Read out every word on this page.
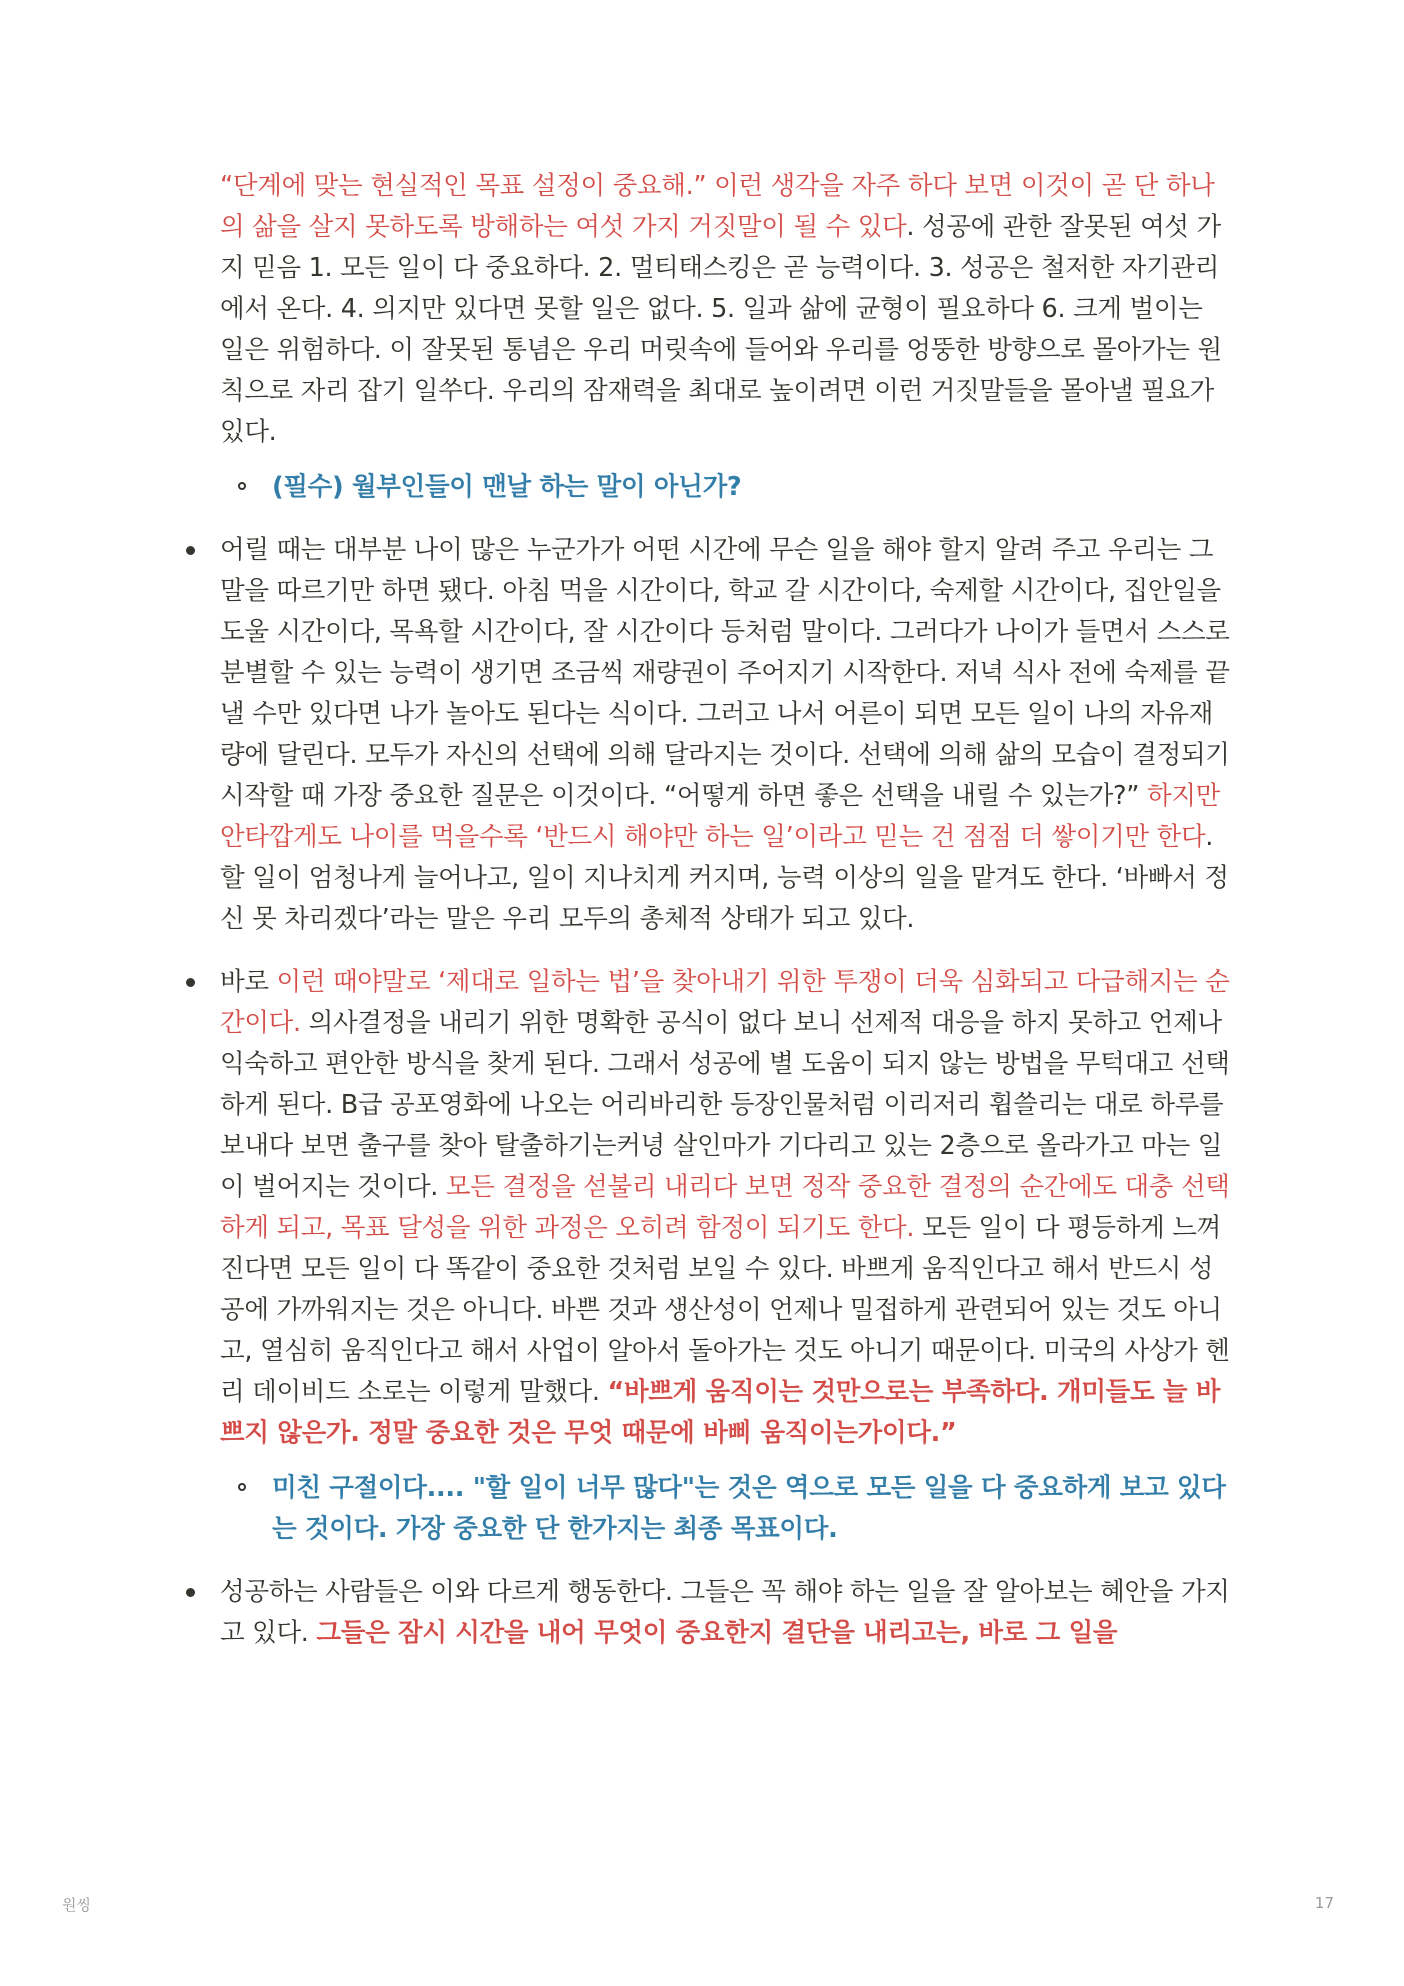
“단계에 맞는 현실적인 목표 설정이 중요해.” 이런 생각을 자주 하다 보면 이것이 곧 단 하나의 삶을 살지 못하도록 방해하는 여섯 가지 거짓말이 될 수 있다. 성공에 관한 잘못된 여섯 가지 믿음 1. 모든 일이 다 중요하다. 2. 멀티태스킹은 곧 능력이다. 3. 성공은 철저한 자기관리에서 온다. 4. 의지만 있다면 못할 일은 없다. 5. 일과 삶에 균형이 필요하다 6. 크게 벌이는 일은 위험하다. 이 잘못된 통념은 우리 머릿속에 들어와 우리를 엉뚱한 방향으로 몰아가는 원칙으로 자리 잡기 일쑤다. 우리의 잠재력을 최대로 높이려면 이런 거짓말들을 몰아낼 필요가 있다.

(필수) 월부인들이 맨날 하는 말이 아닌가?

어릴 때는 대부분 나이 많은 누군가가 어떤 시간에 무슨 일을 해야 할지 알려 주고 우리는 그 말을 따르기만 하면 됐다. 아침 먹을 시간이다, 학교 갈 시간이다, 숙제할 시간이다, 집안일을 도울 시간이다, 목욕할 시간이다, 잘 시간이다 등처럼 말이다. 그러다가 나이가 들면서 스스로 분별할 수 있는 능력이 생기면 조금씩 재량권이 주어지기 시작한다. 저녁 식사 전에 숙제를 끝낼 수만 있다면 나가 놀아도 된다는 식이다. 그러고 나서 어른이 되면 모든 일이 나의 자유재량에 달린다. 모두가 자신의 선택에 의해 달라지는 것이다. 선택에 의해 삶의 모습이 결정되기 시작할 때 가장 중요한 질문은 이것이다. “어떻게 하면 좋은 선택을 내릴 수 있는가?” 하지만 안타깝게도 나이를 먹을수록 ‘반드시 해야만 하는 일’이라고 믿는 건 점점 더 쌓이기만 한다. 할 일이 엄청나게 늘어나고, 일이 지나치게 커지며, 능력 이상의 일을 맡겨도 한다. ‘바빠서 정신 못 차리겠다’라는 말은 우리 모두의 총체적 상태가 되고 있다.

바로 이런 때야말로 ‘제대로 일하는 법’을 찾아내기 위한 투쟁이 더욱 심화되고 다급해지는 순간이다. 의사결정을 내리기 위한 명확한 공식이 없다 보니 선제적 대응을 하지 못하고 언제나 익숙하고 편안한 방식을 찾게 된다. 그래서 성공에 별 도움이 되지 않는 방법을 무턱대고 선택하게 된다. B급 공포영화에 나오는 어리바리한 등장인물처럼 이리저리 휩쓸리는 대로 하루를 보내다 보면 출구를 찾아 탈출하기는커녕 살인마가 기다리고 있는 2층으로 올라가고 마는 일이 벌어지는 것이다. 모든 결정을 섣불리 내리다 보면 정작 중요한 결정의 순간에도 대충 선택하게 되고, 목표 달성을 위한 과정은 오히려 함정이 되기도 한다. 모든 일이 다 평등하게 느껴진다면 모든 일이 다 똑같이 중요한 것처럼 보일 수 있다. 바쁘게 움직인다고 해서 반드시 성공에 가까워지는 것은 아니다. 바쁜 것과 생산성이 언제나 밀접하게 관련되어 있는 것도 아니고, 열심히 움직인다고 해서 사업이 알아서 돌아가는 것도 아니기 때문이다. 미국의 사상가 헨리 데이비드 소로는 이렇게 말했다. “바쁘게 움직이는 것만으로는 부족하다. 개미들도 늘 바쁘지 않은가. 정말 중요한 것은 무엇 때문에 바삐 움직이는가이다.”

미친 구절이다.... "할 일이 너무 많다"는 것은 역으로 모든 일을 다 중요하게 보고 있다는 것이다. 가장 중요한 단 한가지는 최종 목표이다.

성공하는 사람들은 이와 다르게 행동한다. 그들은 꼭 해야 하는 일을 잘 알아보는 혜안을 가지고 있다. 그들은 잠시 시간을 내어 무엇이 중요한지 결단을 내리고는, 바로 그 일을

원씽	17
